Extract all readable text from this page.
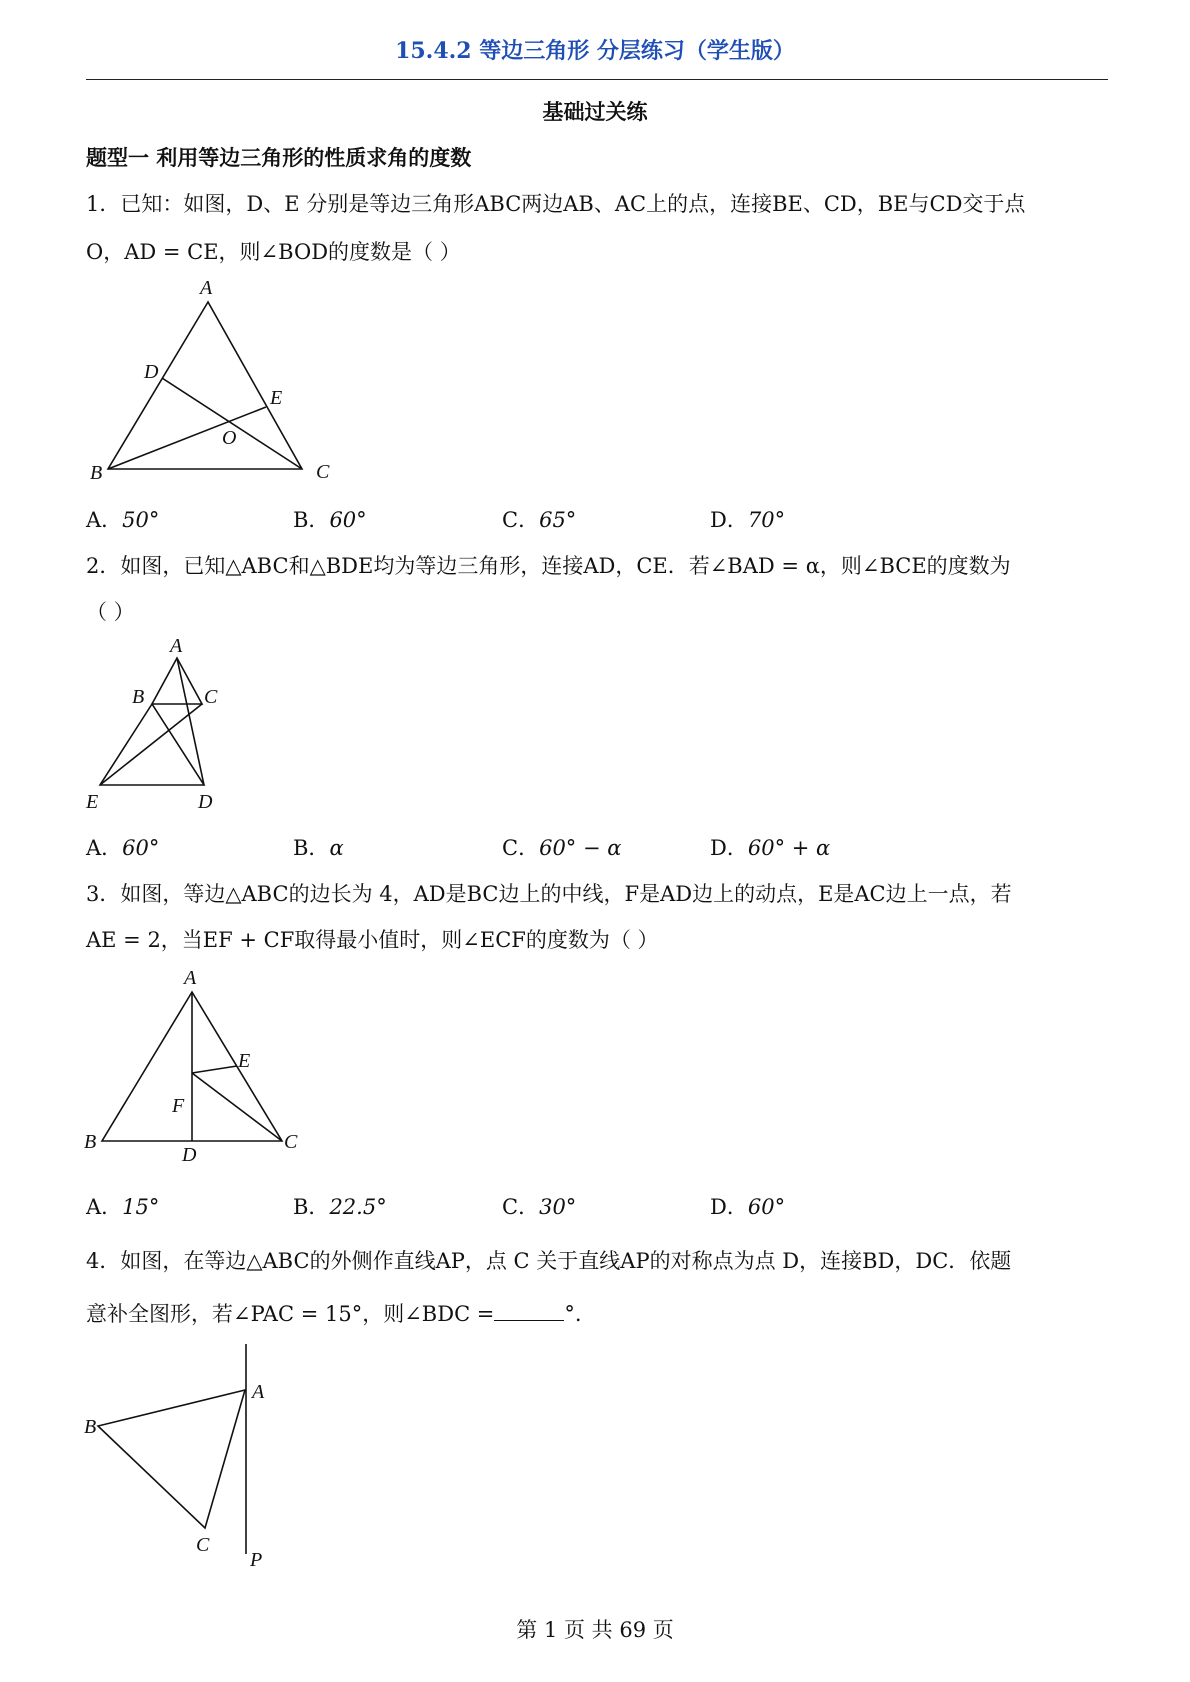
15.4.2 等边三角形 分层练习（学生版）
基础过关练
题型一 利用等边三角形的性质求角的度数
1．已知：如图，D、E 分别是等边三角形ABC两边AB、AC上的点，连接BE、CD，BE与CD交于点
O，AD = CE，则∠BOD的度数是（ ）
A
D
E
O
B	C
A．50°	B．60°	C．65°	D．70°
2．如图，已知△ABC和△BDE均为等边三角形，连接AD，CE．若∠BAD = α，则∠BCE的度数为
（ ）
A
B	C
E	D
A．60°	B．α	C．60° − α	D．60° + α
3．如图，等边△ABC的边长为 4，AD是BC边上的中线，F是AD边上的动点，E是AC边上一点，若
AE = 2，当EF + CF取得最小值时，则∠ECF的度数为（ ）
A
E
F
B	C
D
A．15°	B．22.5°	C．30°	D．60°
4．如图，在等边△ABC的外侧作直线AP，点 C 关于直线AP的对称点为点 D，连接BD，DC．依题
意补全图形，若∠PAC = 15°，则∠BDC =	°.
A
B
C
P
第 1 页 共 69 页
